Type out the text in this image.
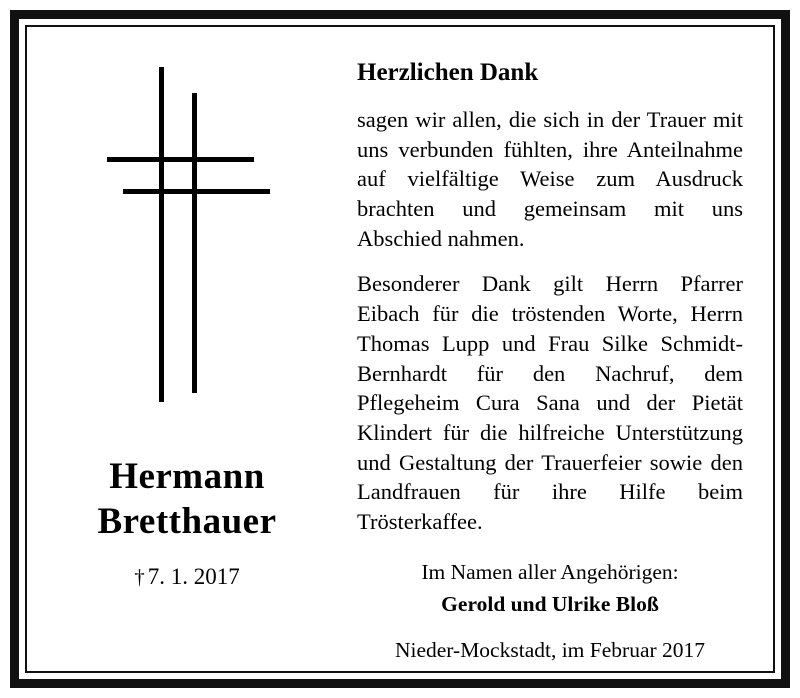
Hermann
Bretthauer
† 7. 1. 2017
Herzlichen Dank
sagen wir allen, die sich in der Trauer mit uns verbunden fühlten, ihre Anteilnahme auf vielfältige Weise zum Ausdruck brachten und gemeinsam mit uns Abschied nahmen.
Besonderer Dank gilt Herrn Pfarrer Eibach für die tröstenden Worte, Herrn Thomas Lupp und Frau Silke Schmidt-Bernhardt für den Nachruf, dem Pflegeheim Cura Sana und der Pietät Klindert für die hilfreiche Unterstützung und Gestaltung der Trauerfeier sowie den Landfrauen für ihre Hilfe beim Trösterkaffee.
Im Namen aller Angehörigen:
Gerold und Ulrike Bloß
Nieder-Mockstadt, im Februar 2017
